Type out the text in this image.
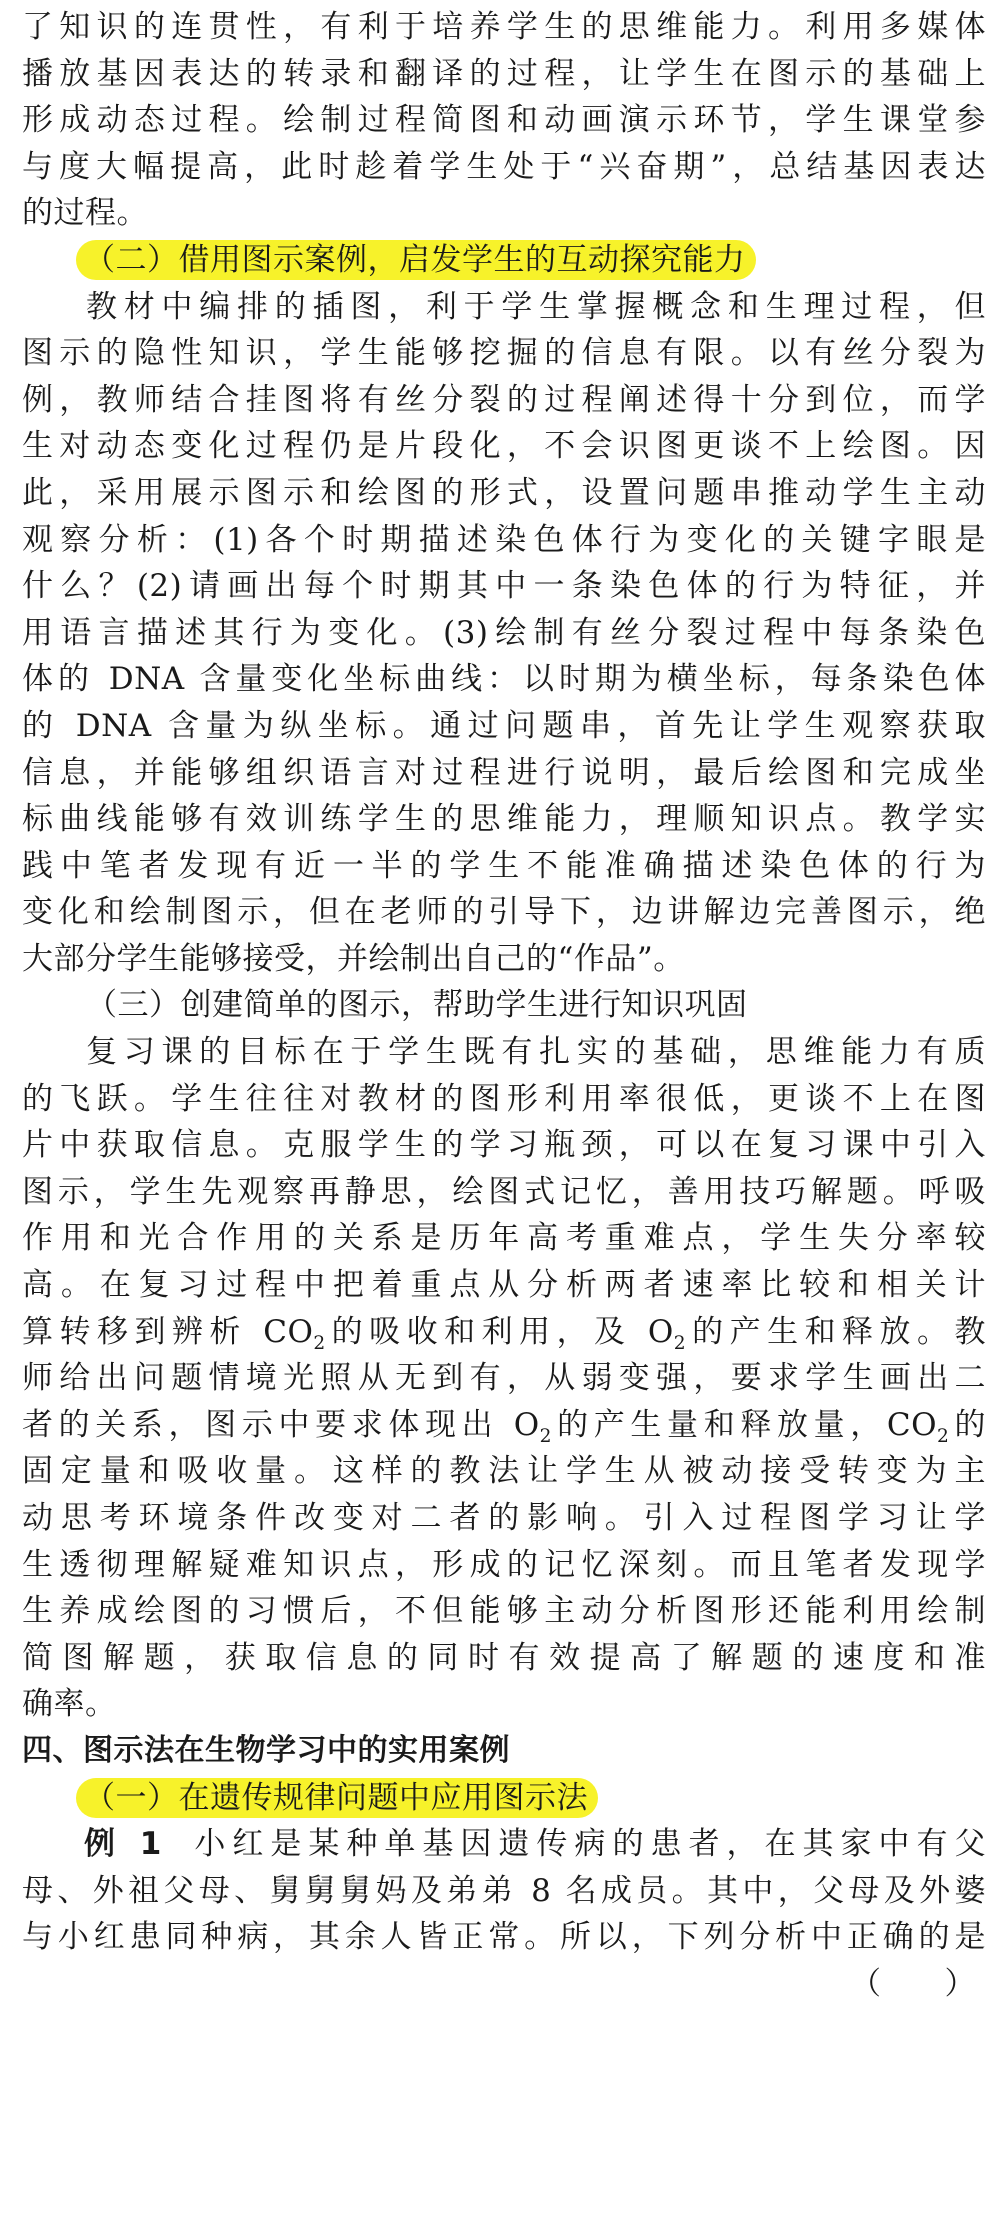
了知识的连贯性，有利于培养学生的思维能力。利用多媒体
播放基因表达的转录和翻译的过程，让学生在图示的基础上
形成动态过程。绘制过程简图和动画演示环节，学生课堂参
与度大幅提高，此时趁着学生处于“兴奋期”，总结基因表达
的过程。
（二）借用图示案例，启发学生的互动探究能力
教材中编排的插图，利于学生掌握概念和生理过程，但
图示的隐性知识，学生能够挖掘的信息有限。以有丝分裂为
例，教师结合挂图将有丝分裂的过程阐述得十分到位，而学
生对动态变化过程仍是片段化，不会识图更谈不上绘图。因
此，采用展示图示和绘图的形式，设置问题串推动学生主动
观察分析：(1)各个时期描述染色体行为变化的关键字眼是
什么？(2)请画出每个时期其中一条染色体的行为特征，并
用语言描述其行为变化。(3)绘制有丝分裂过程中每条染色
体的 DNA 含量变化坐标曲线：以时期为横坐标，每条染色体
的 DNA 含量为纵坐标。通过问题串，首先让学生观察获取
信息，并能够组织语言对过程进行说明，最后绘图和完成坐
标曲线能够有效训练学生的思维能力，理顺知识点。教学实
践中笔者发现有近一半的学生不能准确描述染色体的行为
变化和绘制图示，但在老师的引导下，边讲解边完善图示，绝
大部分学生能够接受，并绘制出自己的“作品”。
（三）创建简单的图示，帮助学生进行知识巩固
复习课的目标在于学生既有扎实的基础，思维能力有质
的飞跃。学生往往对教材的图形利用率很低，更谈不上在图
片中获取信息。克服学生的学习瓶颈，可以在复习课中引入
图示，学生先观察再静思，绘图式记忆，善用技巧解题。呼吸
作用和光合作用的关系是历年高考重难点，学生失分率较
高。在复习过程中把着重点从分析两者速率比较和相关计
算转移到辨析 $CO_2$的吸收和利用，及 $O_2$的产生和释放。教
师给出问题情境光照从无到有，从弱变强，要求学生画出二
者的关系，图示中要求体现出 $O_2$的产生量和释放量，$CO_2$的
固定量和吸收量。这样的教法让学生从被动接受转变为主
动思考环境条件改变对二者的影响。引入过程图学习让学
生透彻理解疑难知识点，形成的记忆深刻。而且笔者发现学
生养成绘图的习惯后，不但能够主动分析图形还能利用绘制
简图解题，获取信息的同时有效提高了解题的速度和准
确率。
四、图示法在生物学习中的实用案例
（一）在遗传规律问题中应用图示法
例 1 小红是某种单基因遗传病的患者，在其家中有父
母、外祖父母、舅舅舅妈及弟弟 8 名成员。其中，父母及外婆
与小红患同种病，其余人皆正常。所以，下列分析中正确的是
（　　）
